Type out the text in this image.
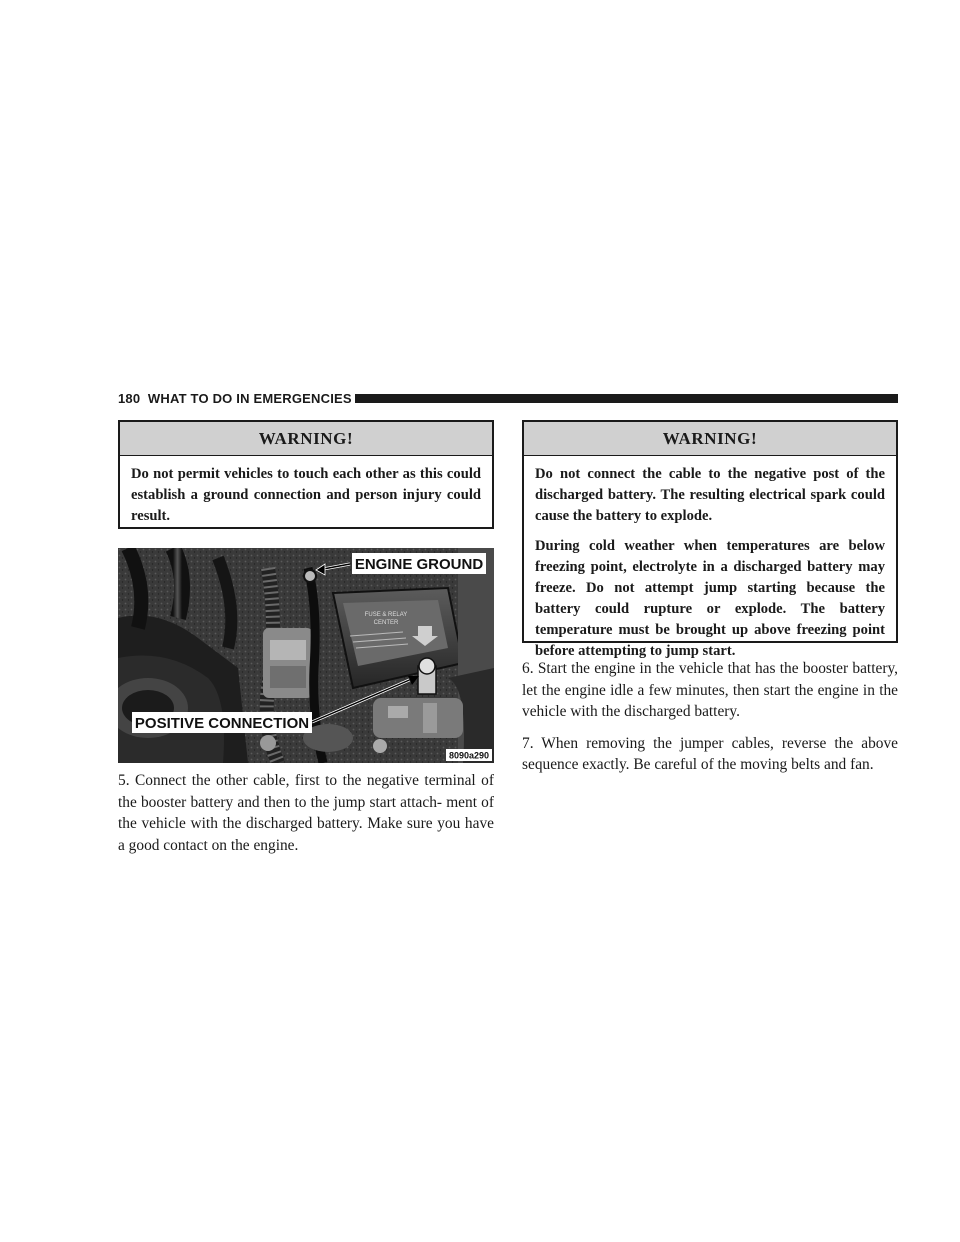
180 WHAT TO DO IN EMERGENCIES
WARNING!

Do not permit vehicles to touch each other as this could establish a ground connection and person injury could result.

FUSE & RELAY
CENTER
ENGINE GROUND
POSITIVE CONNECTION
8090a290

5. Connect the other cable, first to the negative terminal of the booster battery and then to the jump start attach- ment of the vehicle with the discharged battery. Make sure you have a good contact on the engine.

WARNING!

Do not connect the cable to the negative post of the discharged battery. The resulting electrical spark could cause the battery to explode.

During cold weather when temperatures are below freezing point, electrolyte in a discharged battery may freeze. Do not attempt jump starting because the battery could rupture or explode. The battery temperature must be brought up above freezing point before attempting to jump start.

6. Start the engine in the vehicle that has the booster battery, let the engine idle a few minutes, then start the engine in the vehicle with the discharged battery.

7. When removing the jumper cables, reverse the above sequence exactly. Be careful of the moving belts and fan.
